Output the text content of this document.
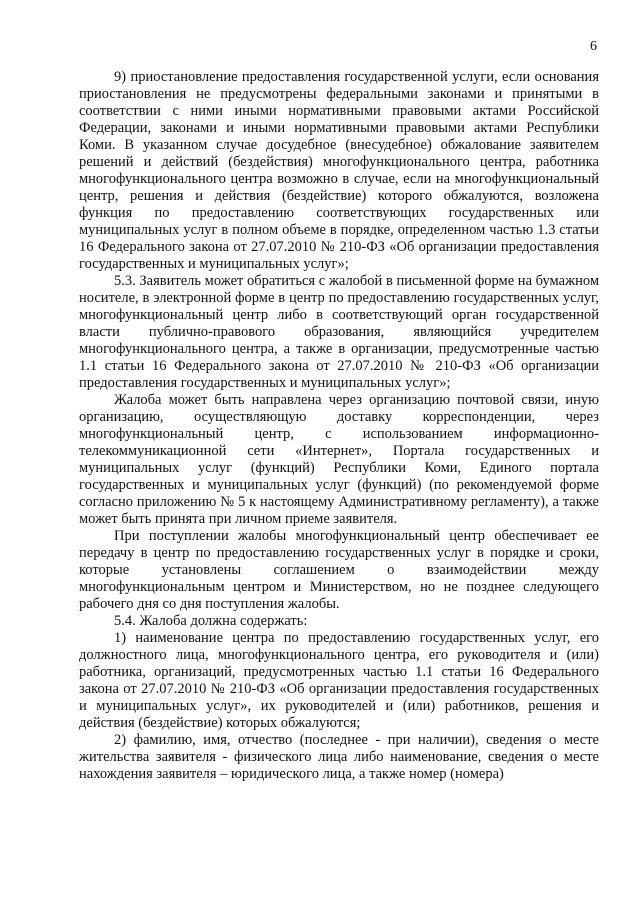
6

9) приостановление предоставления государственной услуги, если основания приостановления не предусмотрены федеральными законами и принятыми в соответствии с ними иными нормативными правовыми актами Российской Федерации, законами и иными нормативными правовыми актами Республики Коми. В указанном случае досудебное (внесудебное) обжалование заявителем решений и действий (бездействия) многофункционального центра, работника многофункционального центра возможно в случае, если на многофункциональный центр, решения и действия (бездействие) которого обжалуются, возложена функция по предоставлению соответствующих государственных или муниципальных услуг в полном объеме в порядке, определенном частью 1.3 статьи 16 Федерального закона от 27.07.2010 № 210-ФЗ «Об организации предоставления государственных и муниципальных услуг»;

5.3. Заявитель может обратиться с жалобой в письменной форме на бумажном носителе, в электронной форме в центр по предоставлению государственных услуг, многофункциональный центр либо в соответствующий орган государственной власти публично-правового образования, являющийся учредителем многофункционального центра, а также в организации, предусмотренные частью 1.1 статьи 16 Федерального закона от 27.07.2010 № 210-ФЗ «Об организации предоставления государственных и муниципальных услуг»;

Жалоба может быть направлена через организацию почтовой связи, иную организацию, осуществляющую доставку корреспонденции, через многофункциональный центр, с использованием информационно-телекоммуникационной сети «Интернет», Портала государственных и муниципальных услуг (функций) Республики Коми, Единого портала государственных и муниципальных услуг (функций) (по рекомендуемой форме согласно приложению № 5 к настоящему Административному регламенту), а также может быть принята при личном приеме заявителя.

При поступлении жалобы многофункциональный центр обеспечивает ее передачу в центр по предоставлению государственных услуг в порядке и сроки, которые установлены соглашением о взаимодействии между многофункциональным центром и Министерством, но не позднее следующего рабочего дня со дня поступления жалобы.

5.4. Жалоба должна содержать:

1) наименование центра по предоставлению государственных услуг, его должностного лица, многофункционального центра, его руководителя и (или) работника, организаций, предусмотренных частью 1.1 статьи 16 Федерального закона от 27.07.2010 № 210-ФЗ «Об организации предоставления государственных и муниципальных услуг», их руководителей и (или) работников, решения и действия (бездействие) которых обжалуются;

2) фамилию, имя, отчество (последнее - при наличии), сведения о месте жительства заявителя - физического лица либо наименование, сведения о месте нахождения заявителя – юридического лица, а также номер (номера)
